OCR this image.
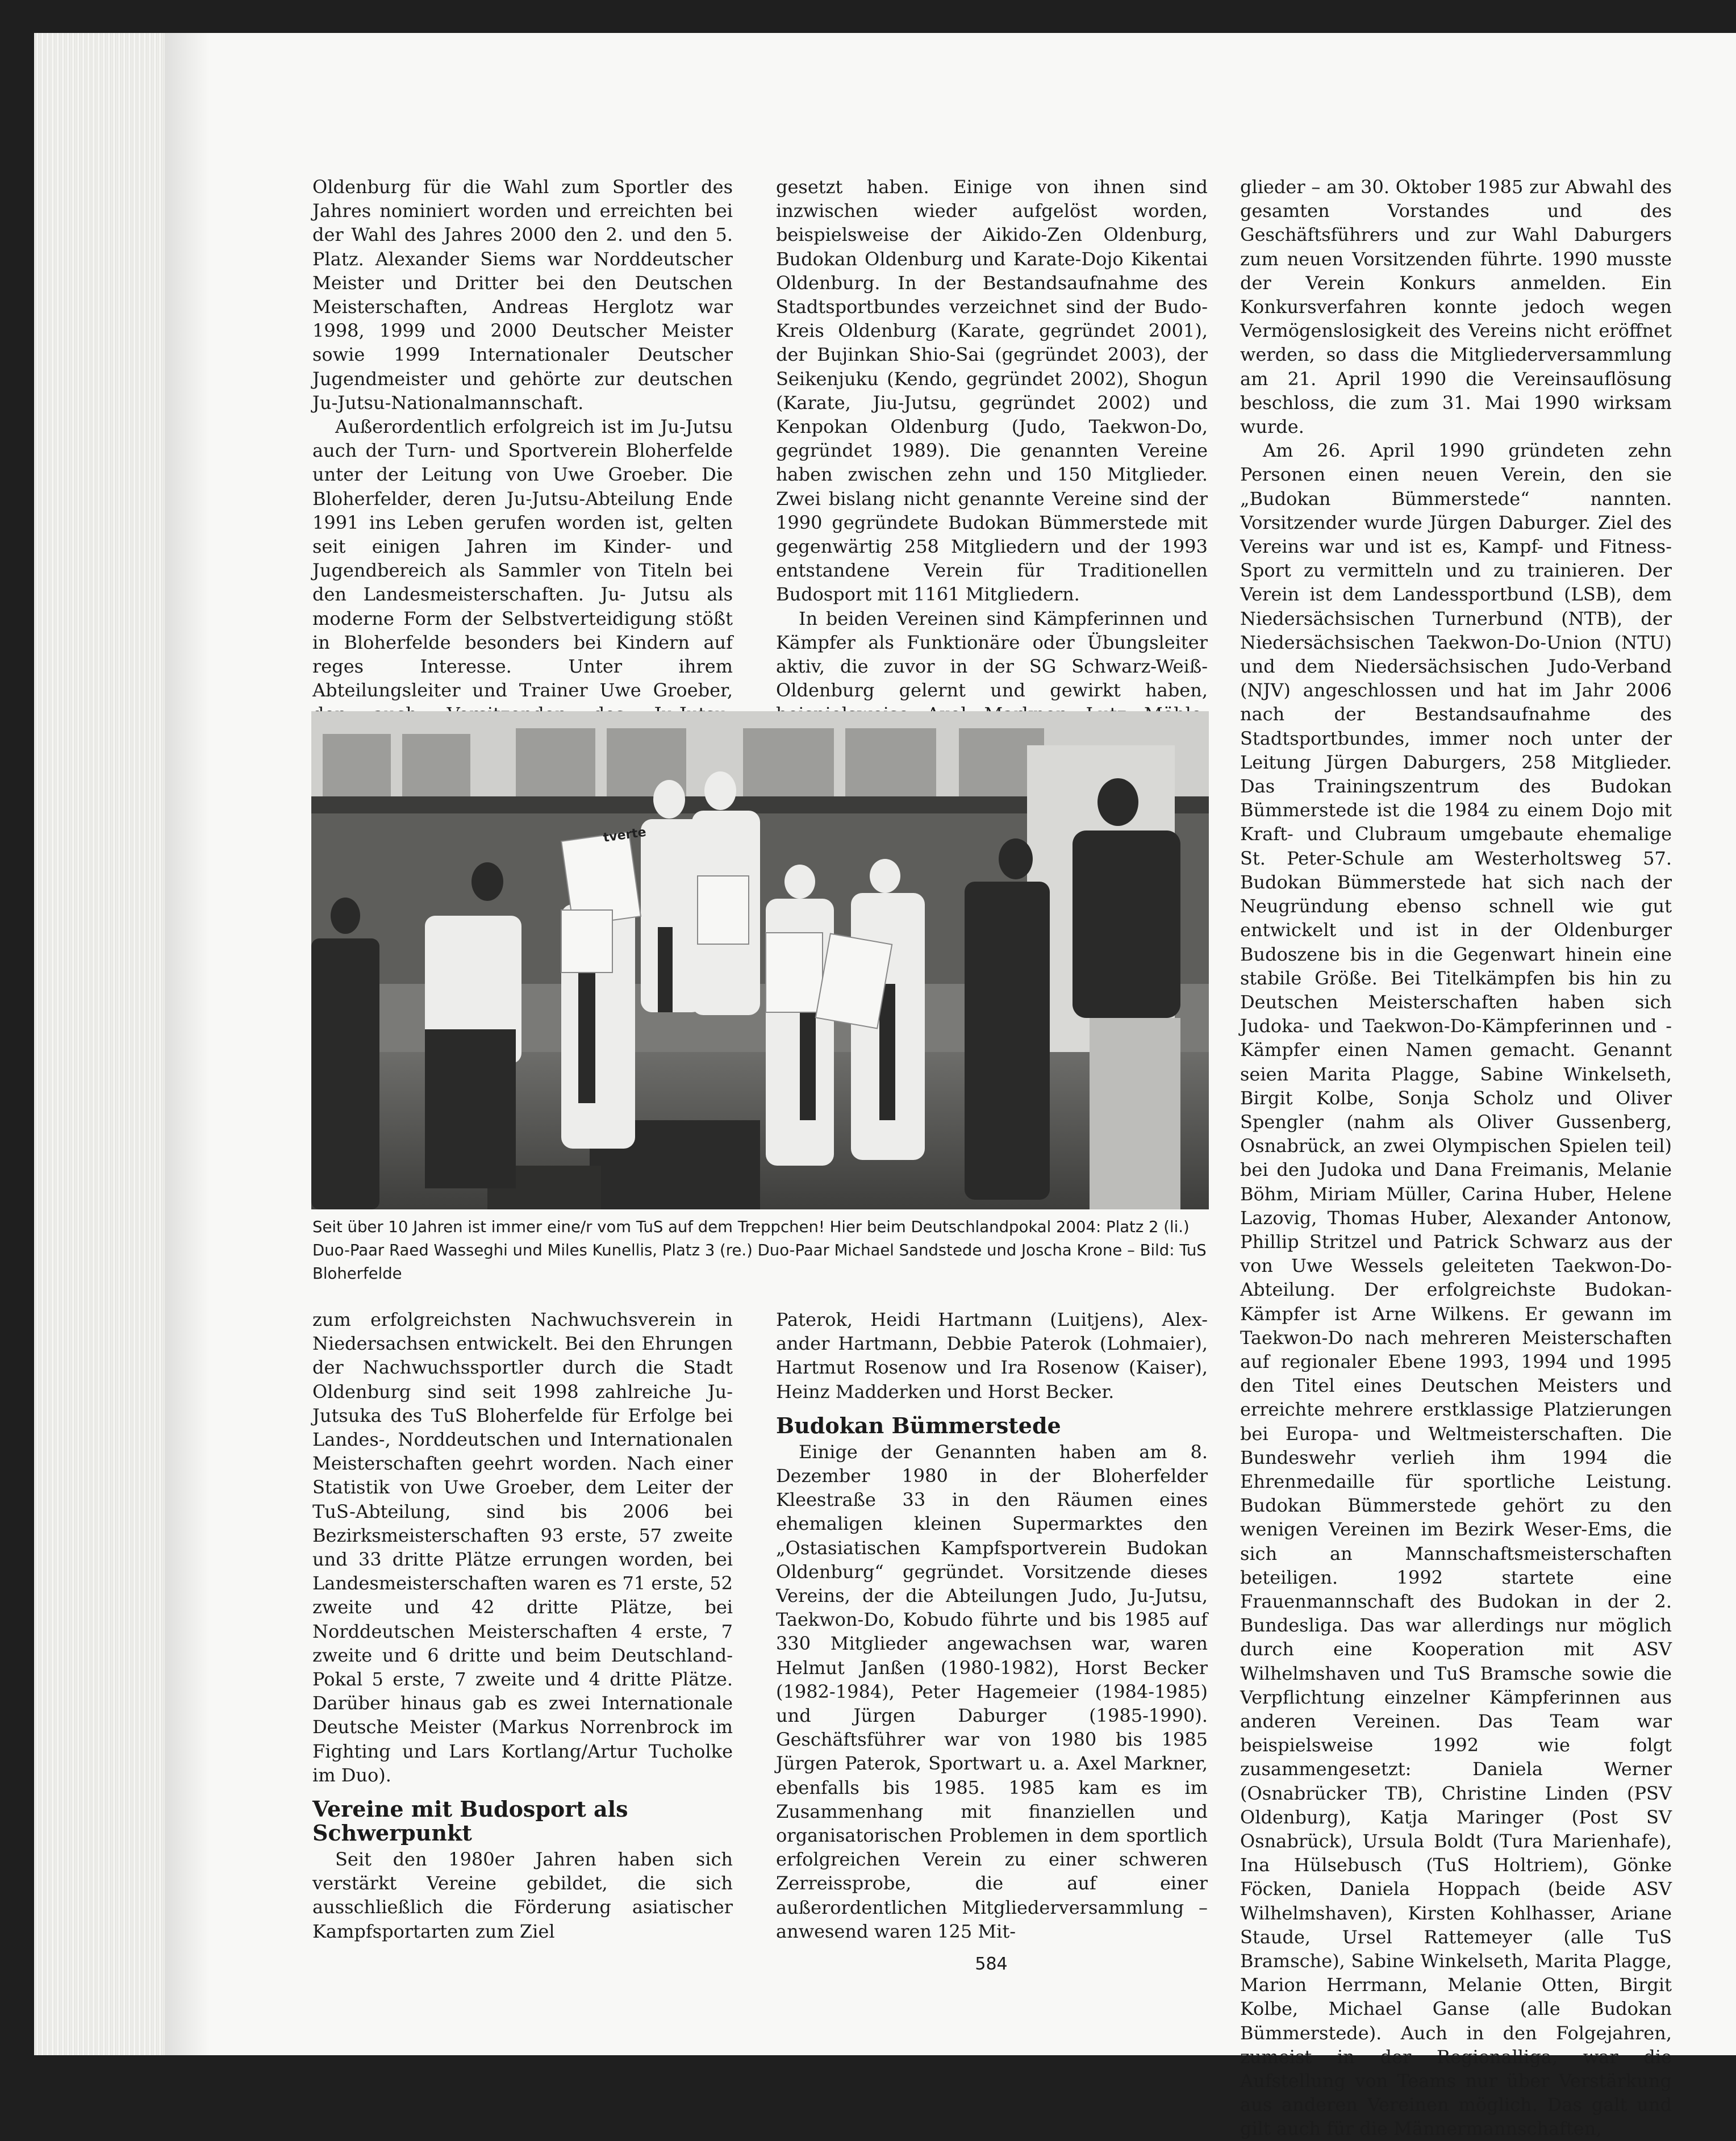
Oldenburg für die Wahl zum Sportler des Jahres nominiert worden und erreichten bei der Wahl des Jahres 2000 den 2. und den 5. Platz. Alexander Siems war Norddeutscher Meister und Dritter bei den Deutschen Meisterschaften, Andreas Herglotz war 1998, 1999 und 2000 Deutscher Meister sowie 1999 Internationaler Deutscher Jugendmeister und gehörte zur deutschen Ju-Jutsu-Nationalmannschaft.

Außerordentlich erfolgreich ist im Ju-Jutsu auch der Turn- und Sportverein Bloherfelde unter der Leitung von Uwe Groeber. Die Bloherfelder, deren Ju-Jutsu-Abteilung Ende 1991 ins Leben gerufen worden ist, gelten seit einigen Jahren im Kinder- und Jugendbereich als Sammler von Titeln bei den Landesmeisterschaften. Ju- Jutsu als moderne Form der Selbstverteidigung stößt in Bloherfelde besonders bei Kindern auf reges Interesse. Unter ihrem Abteilungsleiter und Trainer Uwe Groeber,

gesetzt haben. Einige von ihnen sind inzwischen wieder aufgelöst worden, beispielsweise der Aikido-Zen Oldenburg, Budokan Oldenburg und Karate-Dojo Kikentai Oldenburg. In der Bestandsaufnahme des Stadtsportbundes verzeichnet sind der Budo-Kreis Oldenburg (Karate, gegründet 2001), der Bujinkan Shio-Sai (gegründet 2003), der Seikenjuku (Kendo, gegründet 2002), Shogun (Karate, Jiu-Jutsu, gegründet 2002) und Kenpokan Oldenburg (Judo, Taekwon-Do, gegründet 1989). Die genannten Vereine haben zwischen zehn und 150 Mitglieder. Zwei bislang nicht genannte Vereine sind der 1990 gegründete Budokan Bümmerstede mit gegenwärtig 258 Mitgliedern und der 1993 entstandene Verein für Traditionellen Budosport mit 1161 Mitgliedern.

In beiden Vereinen sind Kämpferinnen und Kämpfer als Funktionäre oder Übungsleiter aktiv, die zuvor in der SG Schwarz-Weiß-Oldenburg gelernt und gewirkt haben,

glieder – am 30. Oktober 1985 zur Abwahl des gesamten Vorstandes und des Geschäftsführers und zur Wahl Daburgers zum neuen Vorsitzenden führte. 1990 musste der Verein Konkurs anmelden. Ein Konkursverfahren konnte jedoch wegen Vermögenslosigkeit des Vereins nicht eröffnet werden, so dass die Mitgliederversammlung am 21. April 1990 die Vereinsauflösung beschloss, die zum 31. Mai 1990 wirksam wurde.

Am 26. April 1990 gründeten zehn Personen einen neuen Verein, den sie „Budokan Bümmerstede“ nannten. Vorsitzender wurde Jürgen Daburger. Ziel des Vereins war und ist es, Kampf- und Fitness-Sport zu vermitteln und zu trainieren. Der Verein ist dem Landessportbund (LSB), dem Niedersächsischen Turnerbund (NTB), der Niedersächsischen Taekwon-Do-Union (NTU) und dem Niedersächsischen Judo-Verband (NJV) angeschlossen und hat im Jahr 2006 nach der Bestandsaufnahme des Stadtsportbundes, immer noch unter der Leitung Jürgen Daburgers, 258 Mitglieder. Das Trainingszentrum des Budokan Bümmerstede ist die 1984 zu einem Dojo mit Kraft- und Clubraum umgebaute ehemalige St. Peter-Schule am Westerholtsweg 57. Budokan Bümmerstede hat sich nach der Neugründung ebenso schnell wie gut entwickelt und ist in der Oldenburger Budoszene bis in die Gegenwart hinein eine stabile Größe. Bei Titelkämpfen bis hin zu Deutschen Meisterschaften haben sich Judoka- und Taekwon-Do-Kämpferinnen und -Kämpfer einen Namen gemacht. Genannt seien Marita Plagge, Sabine Winkelseth, Birgit Kolbe, Sonja Scholz und Oliver Spengler (nahm als Oliver Gussenberg, Osnabrück, an zwei Olympischen Spielen teil) bei den Judoka und Dana Freimanis, Melanie Böhm, Miriam Müller, Carina Huber, Helene Lazovig, Thomas Huber, Alexander Antonow, Phillip Stritzel und Patrick Schwarz aus der von Uwe Wessels geleiteten Taekwon-Do-Abteilung. Der erfolgreichste Budokan-Kämpfer ist Arne Wilkens. Er gewann im Taekwon-Do nach mehreren Meisterschaften auf regionaler Ebene 1993, 1994 und 1995 den Titel eines Deutschen Meisters und erreichte mehrere erstklassige Platzierungen bei Europa- und Weltmeisterschaften. Die Bundeswehr verlieh ihm 1994 die Ehrenmedaille für sportliche Leistung. Budokan Bümmerstede gehört zu den wenigen Vereinen im Bezirk Weser-Ems, die sich an Mannschaftsmeisterschaften beteiligen. 1992 startete eine Frauenmannschaft des Budokan in der 2. Bundesliga. Das war allerdings nur möglich durch eine Kooperation mit ASV Wilhelmshaven und TuS Bramsche sowie die Verpflichtung einzelner Kämpferinnen aus anderen Vereinen. Das Team war beispielsweise 1992 wie folgt zusammengesetzt: Daniela Werner (Osnabrücker TB), Christine Linden (PSV Oldenburg), Katja Maringer (Post SV Osnabrück), Ursula Boldt (Tura Marienhafe), Ina Hülsebusch (TuS Holtriem), Gönke Föcken, Daniela Hoppach (beide ASV Wilhelmshaven), Kirsten Kohlhasser, Ariane Staude, Ursel Rattemeyer (alle TuS Bramsche), Sabine Winkelseth, Marita Plagge, Marion Herrmann, Melanie Otten, Birgit Kolbe, Michael Ganse (alle Budokan Bümmerstede). Auch in den Folgejahren, zumeist in der Regionalliga, war die Aufstellung von Teams nur über Verstärkung aus anderen Vereinen möglich. Das galt und gilt auch für die Männermannschaften,

tverte
Seit über 10 Jahren ist immer eine/r vom TuS auf dem Treppchen! Hier beim Deutschlandpokal 2004: Platz 2 (li.) Duo-Paar Raed Wasseghi und Miles Kunellis, Platz 3 (re.) Duo-Paar Michael Sandstede und Joscha Krone – Bild: TuS Bloherfelde

zum erfolgreichsten Nachwuchsverein in Niedersachsen entwickelt. Bei den Ehrungen der Nachwuchssportler durch die Stadt Oldenburg sind seit 1998 zahlreiche Ju-Jutsuka des TuS Bloherfelde für Erfolge bei Landes-, Norddeutschen und Internationalen Meisterschaften geehrt worden. Nach einer Statistik von Uwe Groeber, dem Leiter der TuS-Abteilung, sind bis 2006 bei Bezirksmeisterschaften 93 erste, 57 zweite und 33 dritte Plätze errungen worden, bei Landesmeisterschaften waren es 71 erste, 52 zweite und 42 dritte Plätze, bei Norddeutschen Meisterschaften 4 erste, 7 zweite und 6 dritte und beim Deutschland-Pokal 5 erste, 7 zweite und 4 dritte Plätze. Darüber hinaus gab es zwei Internationale Deutsche Meister (Markus Norrenbrock im Fighting und Lars Kortlang/Artur Tucholke im Duo).

Vereine mit Budosport als Schwerpunkt

Seit den 1980er Jahren haben sich verstärkt Vereine gebildet, die sich ausschließlich die Förderung asiatischer Kampfsportarten zum Ziel

Paterok, Heidi Hartmann (Luitjens), Alex-ander Hartmann, Debbie Paterok (Lohmaier), Hartmut Rosenow und Ira Rosenow (Kaiser), Heinz Madderken und Horst Becker.

Budokan Bümmerstede

Einige der Genannten haben am 8. Dezember 1980 in der Bloherfelder Kleestraße 33 in den Räumen eines ehemaligen kleinen Supermarktes den „Ostasiatischen Kampfsportverein Budokan Oldenburg“ gegründet. Vorsitzende dieses Vereins, der die Abteilungen Judo, Ju-Jutsu, Taekwon-Do, Kobudo führte und bis 1985 auf 330 Mitglieder angewachsen war, waren Helmut Janßen (1980-1982), Horst Becker (1982-1984), Peter Hagemeier (1984-1985) und Jürgen Daburger (1985-1990). Geschäftsführer war von 1980 bis 1985 Jürgen Paterok, Sportwart u. a. Axel Markner, ebenfalls bis 1985. 1985 kam es im Zusammenhang mit finanziellen und organisatorischen Problemen in dem sportlich erfolgreichen Verein zu einer schweren Zerreissprobe, die auf einer außerordentlichen Mitgliederversammlung – anwesend waren 125 Mit-

584
